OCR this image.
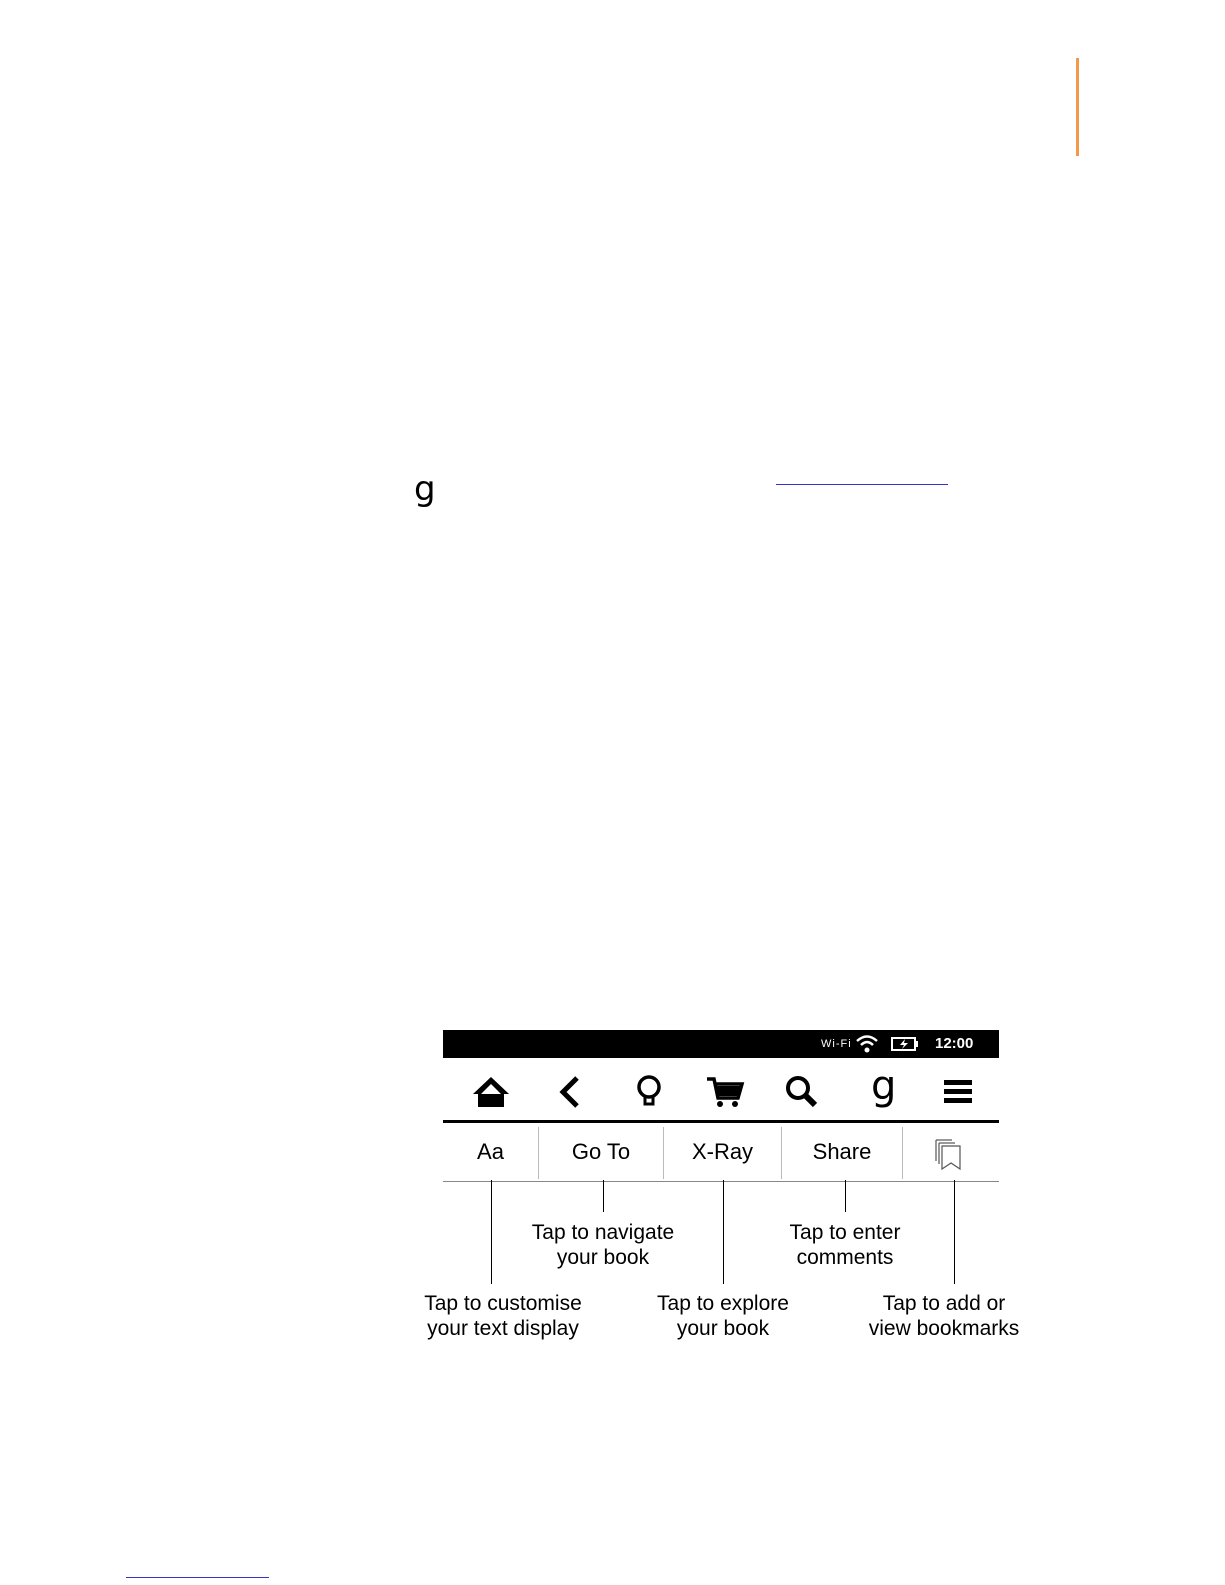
g
Wi-Fi	12:00
g
Aa	Go To	X-Ray	Share
Tap to customise
your text display
Tap to navigate
your book
Tap to explore
your book
Tap to enter
comments
Tap to add or
view bookmarks
